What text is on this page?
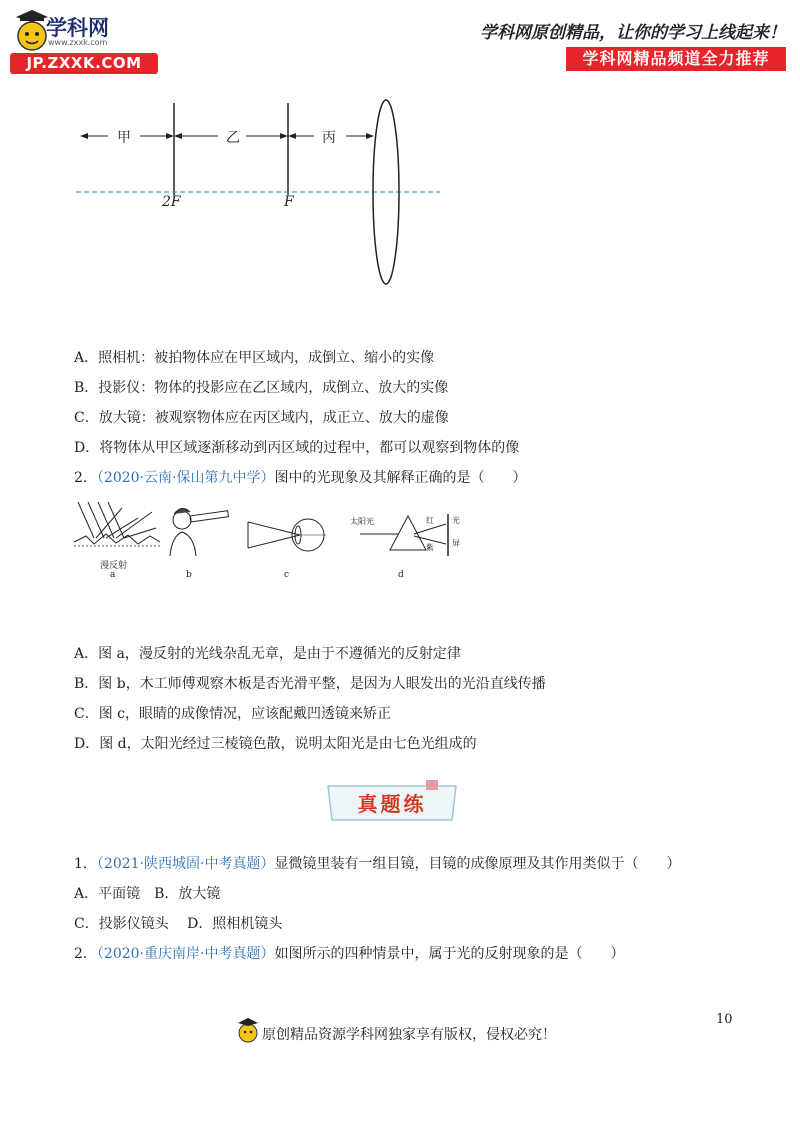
学科网
www.zxxk.com
JP.ZXXK.COM
学科网原创精品，让你的学习上线起来！
学科网精品频道全力推荐
甲	乙	丙
2F	F
A．照相机：被拍物体应在甲区域内，成倒立、缩小的实像
B．投影仪：物体的投影应在乙区域内，成倒立、放大的实像
C．放大镜：被观察物体应在丙区域内，成正立、放大的虚像
D．将物体从甲区域逐渐移动到丙区域的过程中，都可以观察到物体的像
2．（2020·云南·保山第九中学）图中的光现象及其解释正确的是（　　）
漫反射
a	b	c
太阳光	红
紫
光
屏
d
A．图 a，漫反射的光线杂乱无章，是由于不遵循光的反射定律
B．图 b，木工师傅观察木板是否光滑平整，是因为人眼发出的光沿直线传播
C．图 c，眼睛的成像情况，应该配戴凹透镜来矫正
D．图 d，太阳光经过三棱镜色散，说明太阳光是由七色光组成的
真题练
1．（2021·陕西城固·中考真题）显微镜里装有一组目镜，目镜的成像原理及其作用类似于（　　）
A．平面镜　B．放大镜
C．投影仪镜头　 D．照相机镜头
2．（2020·重庆南岸·中考真题）如图所示的四种情景中，属于光的反射现象的是（　　）
10
原创精品资源学科网独家享有版权，侵权必究！
